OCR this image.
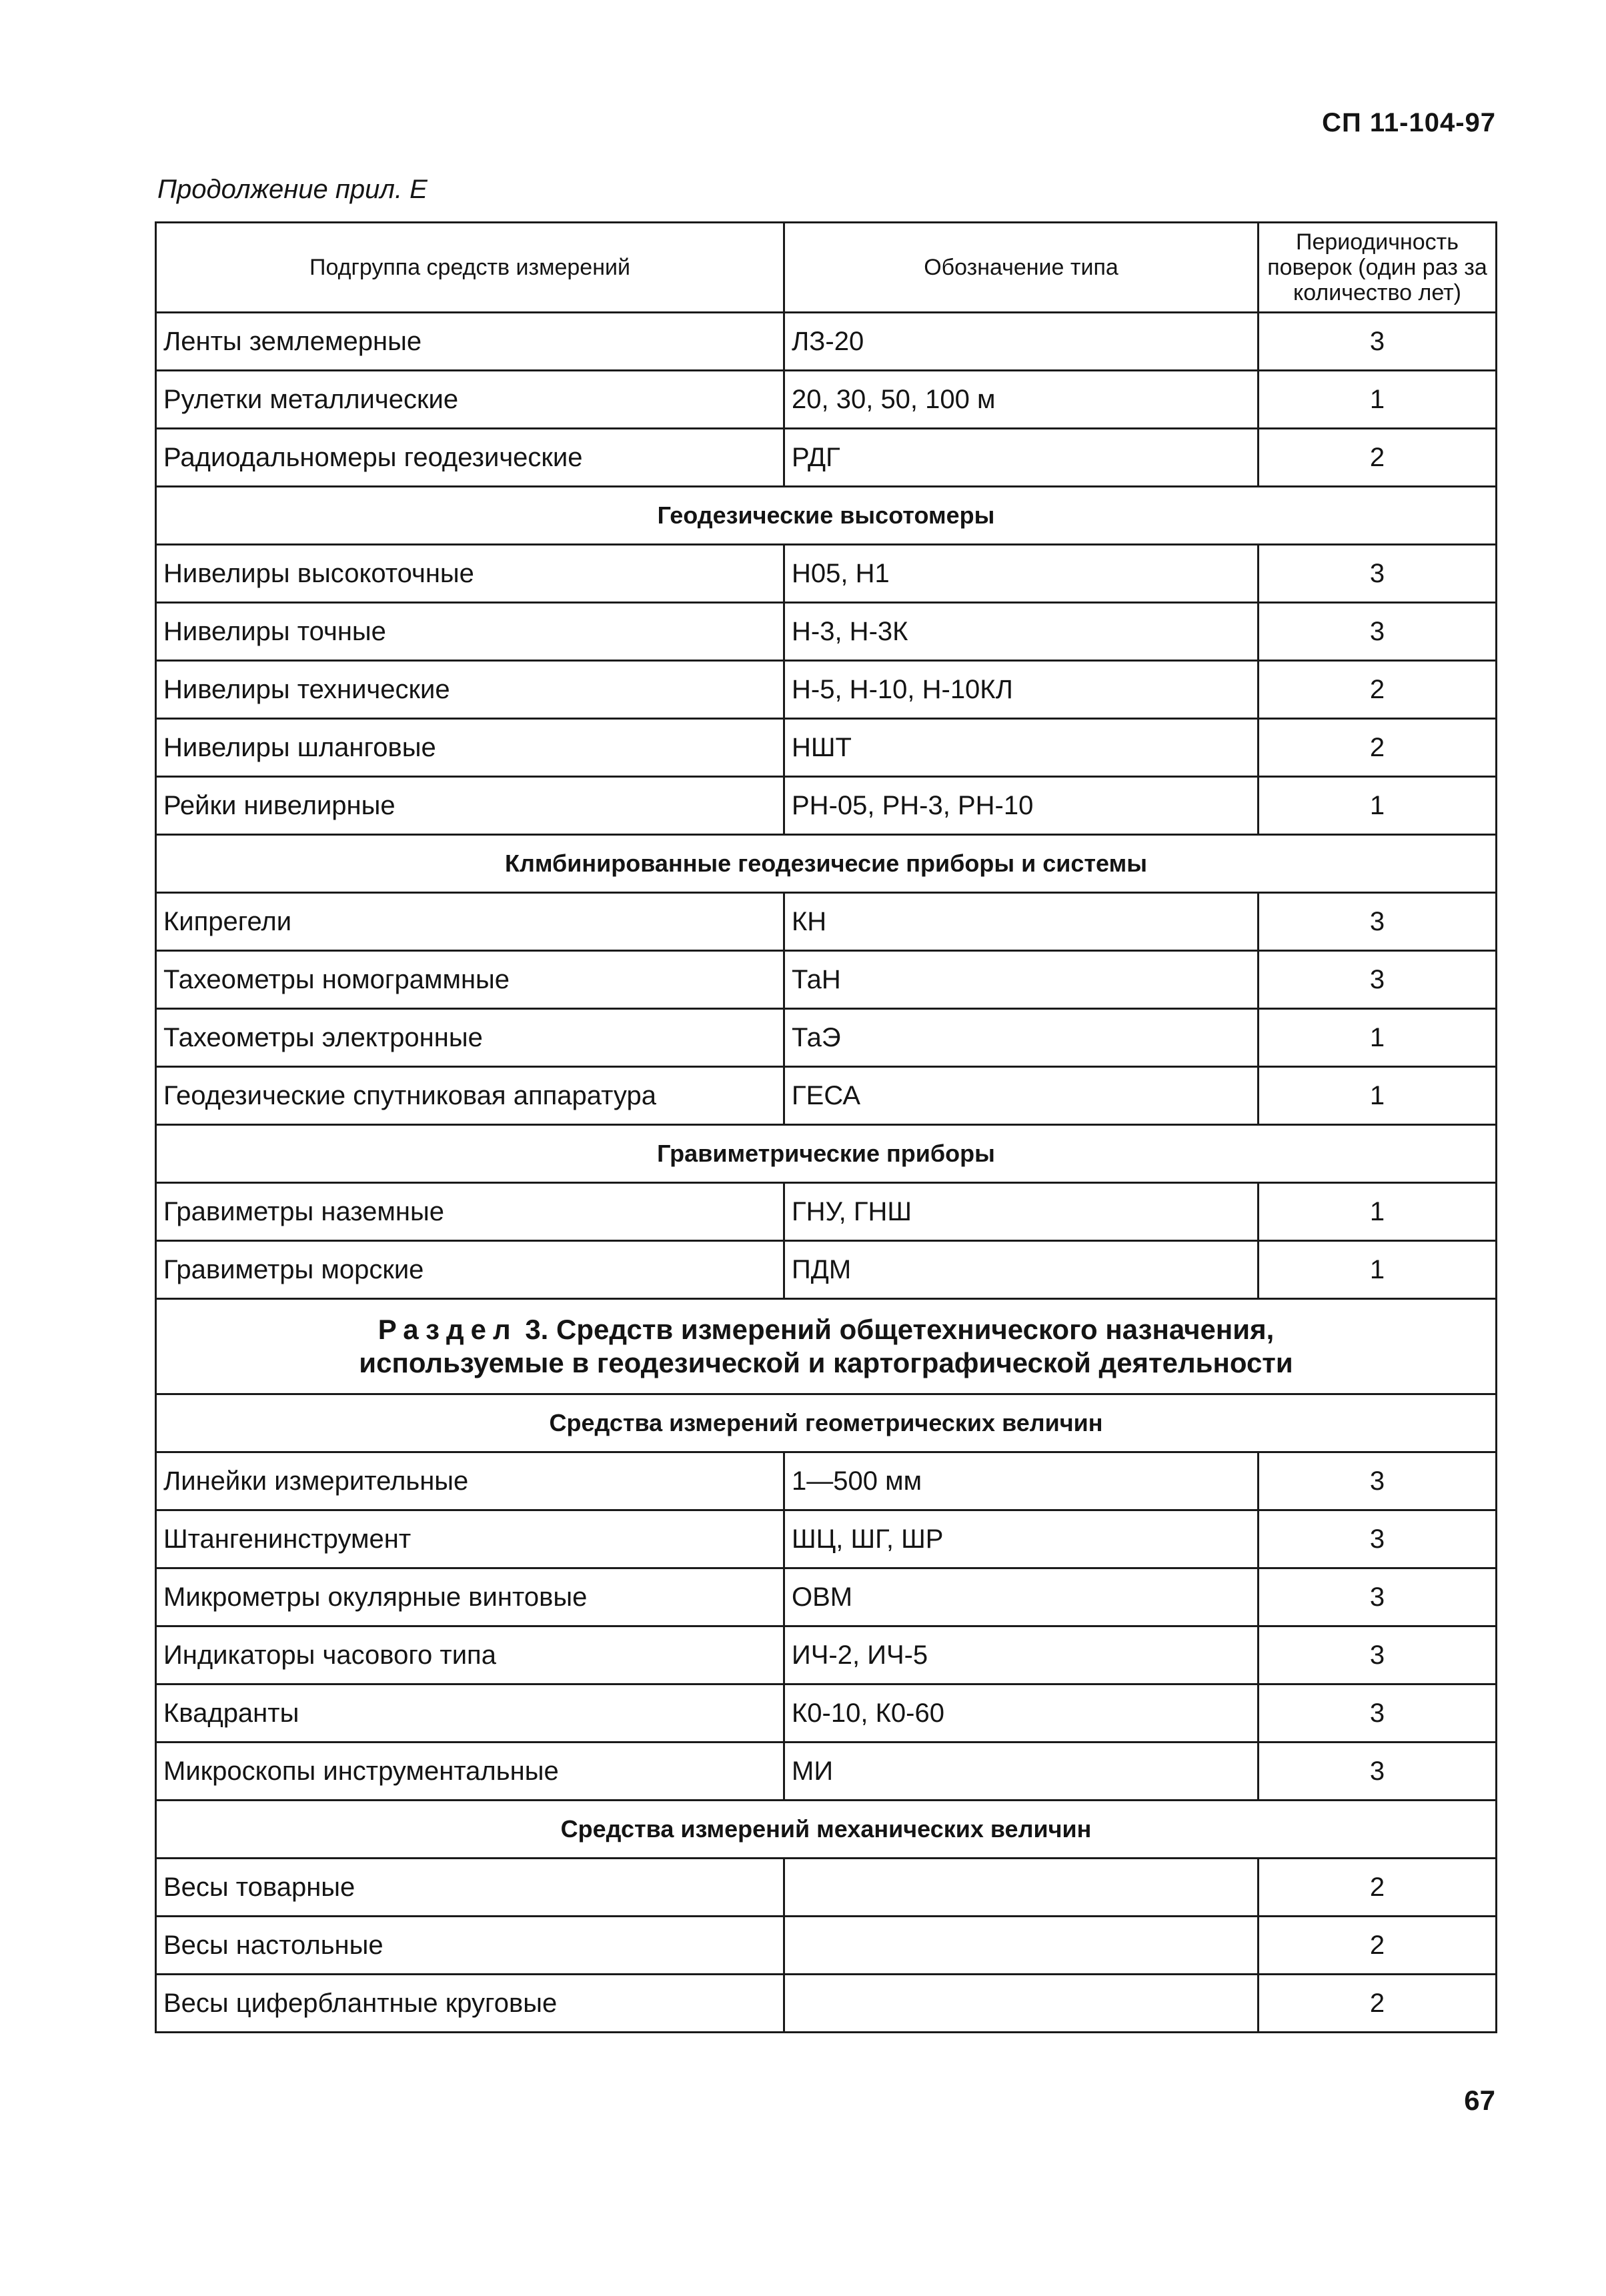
СП 11-104-97
Продолжение прил. Е
Подгруппа средств измерений	Обозначение типа	Периодичность поверок (один раз за количество лет)
Ленты землемерные	ЛЗ-20	3
Рулетки металлические	20, 30, 50, 100 м	1
Радиодальномеры геодезические	РДГ	2
Геодезические высотомеры		
Нивелиры высокоточные	Н05, Н1	3
Нивелиры точные	Н-3, Н-3К	3
Нивелиры технические	Н-5, Н-10, Н-10КЛ	2
Нивелиры шланговые	НШТ	2
Рейки нивелирные	РН-05, РН-3, РН-10	1
Клмбинированные геодезичесие приборы и системы		
Кипрегели	КН	3
Тахеометры номограммные	ТаН	3
Тахеометры электронные	ТаЭ	1
Геодезические спутниковая аппаратура	ГЕСА	1
Гравиметрические приборы		
Гравиметры наземные	ГНУ, ГНШ	1
Гравиметры морские	ПДМ	1
Раздел 3. Средств измерений общетехнического назначения,
используемые в геодезической и картографической деятельности		
Средства измерений геометрических величин		
Линейки измерительные	1—500 мм	3
Штангенинструмент	ШЦ, ШГ, ШР	3
Микрометры окулярные винтовые	ОВМ	3
Индикаторы часового типа	ИЧ-2, ИЧ-5	3
Квадранты	К0-10, К0-60	3
Микроскопы инструментальные	МИ	3
Средства измерений механических величин		
Весы товарные		2
Весы настольные		2
Весы циферблантные круговые		2
67
